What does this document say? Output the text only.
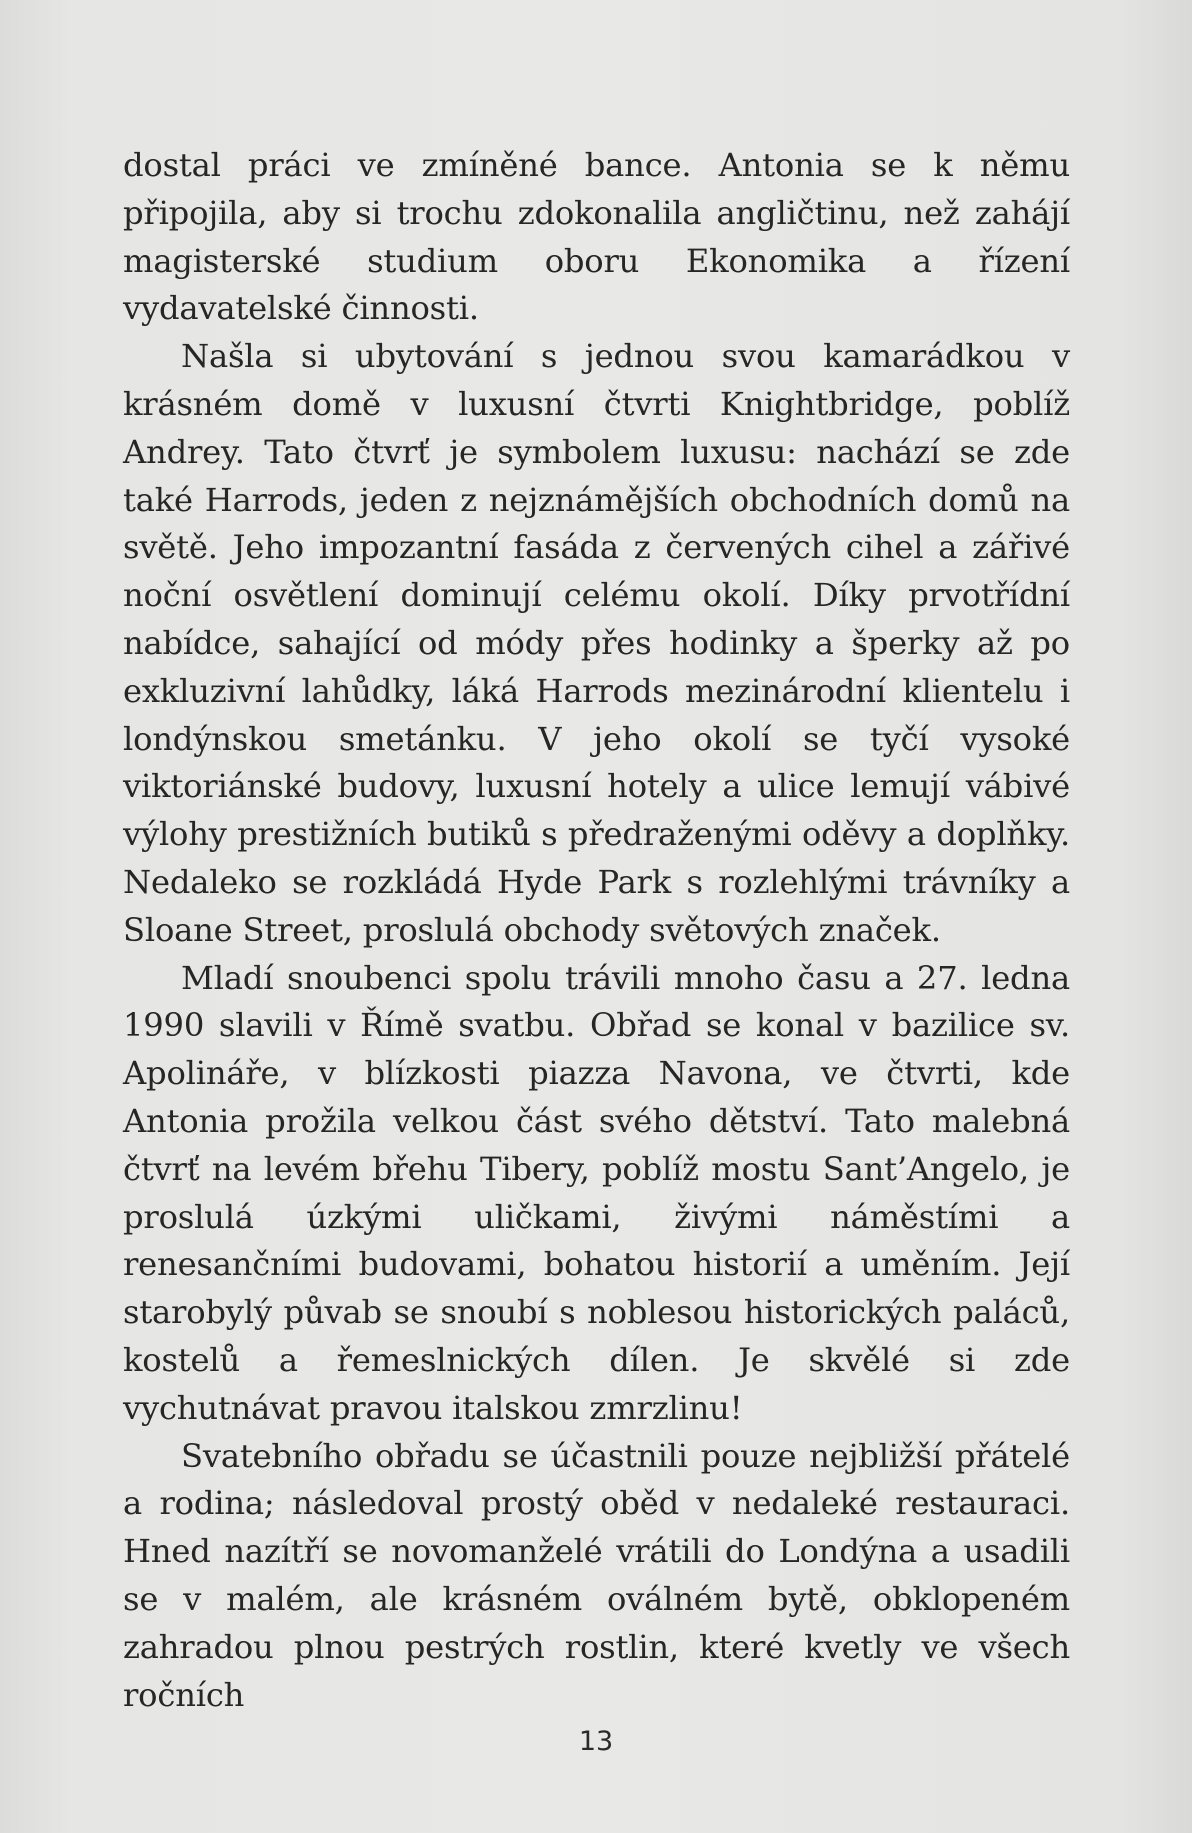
dostal práci ve zmíněné bance. Antonia se k němu připojila, aby si trochu zdokonalila angličtinu, než zahájí magisterské studium oboru Ekonomika a řízení vydavatelské činnosti.

Našla si ubytování s jednou svou kamarádkou v krásném domě v luxusní čtvrti Knightbridge, poblíž Andrey. Tato čtvrť je symbolem luxusu: nachází se zde také Harrods, jeden z nejznámějších obchodních domů na světě. Jeho impozantní fasáda z červených cihel a zářivé noční osvětlení dominují celému okolí. Díky prvotřídní nabídce, sahající od módy přes hodinky a šperky až po exkluzivní lahůdky, láká Harrods mezinárodní klientelu i londýnskou smetánku. V jeho okolí se tyčí vysoké viktoriánské budovy, luxusní hotely a ulice lemují vábivé výlohy prestižních butiků s předraženými oděvy a doplňky. Nedaleko se rozkládá Hyde Park s rozlehlými trávníky a Sloane Street, proslulá obchody světových značek.

Mladí snoubenci spolu trávili mnoho času a 27. ledna 1990 slavili v Římě svatbu. Obřad se konal v bazilice sv. Apolináře, v blízkosti piazza Navona, ve čtvrti, kde Antonia prožila velkou část svého dětství. Tato malebná čtvrť na levém břehu Tibery, poblíž mostu Sant’Angelo, je proslulá úzkými uličkami, živými náměstími a renesančními budovami, bohatou historií a uměním. Její starobylý půvab se snoubí s noblesou historických paláců, kostelů a řemeslnických dílen. Je skvělé si zde vychutnávat pravou italskou zmrzlinu!

Svatebního obřadu se účastnili pouze nejbližší přátelé a rodina; následoval prostý oběd v nedaleké restauraci. Hned nazítří se novomanželé vrátili do Londýna a usadili se v malém, ale krásném oválném bytě, obklopeném zahradou plnou pestrých rostlin, které kvetly ve všech ročních

13
